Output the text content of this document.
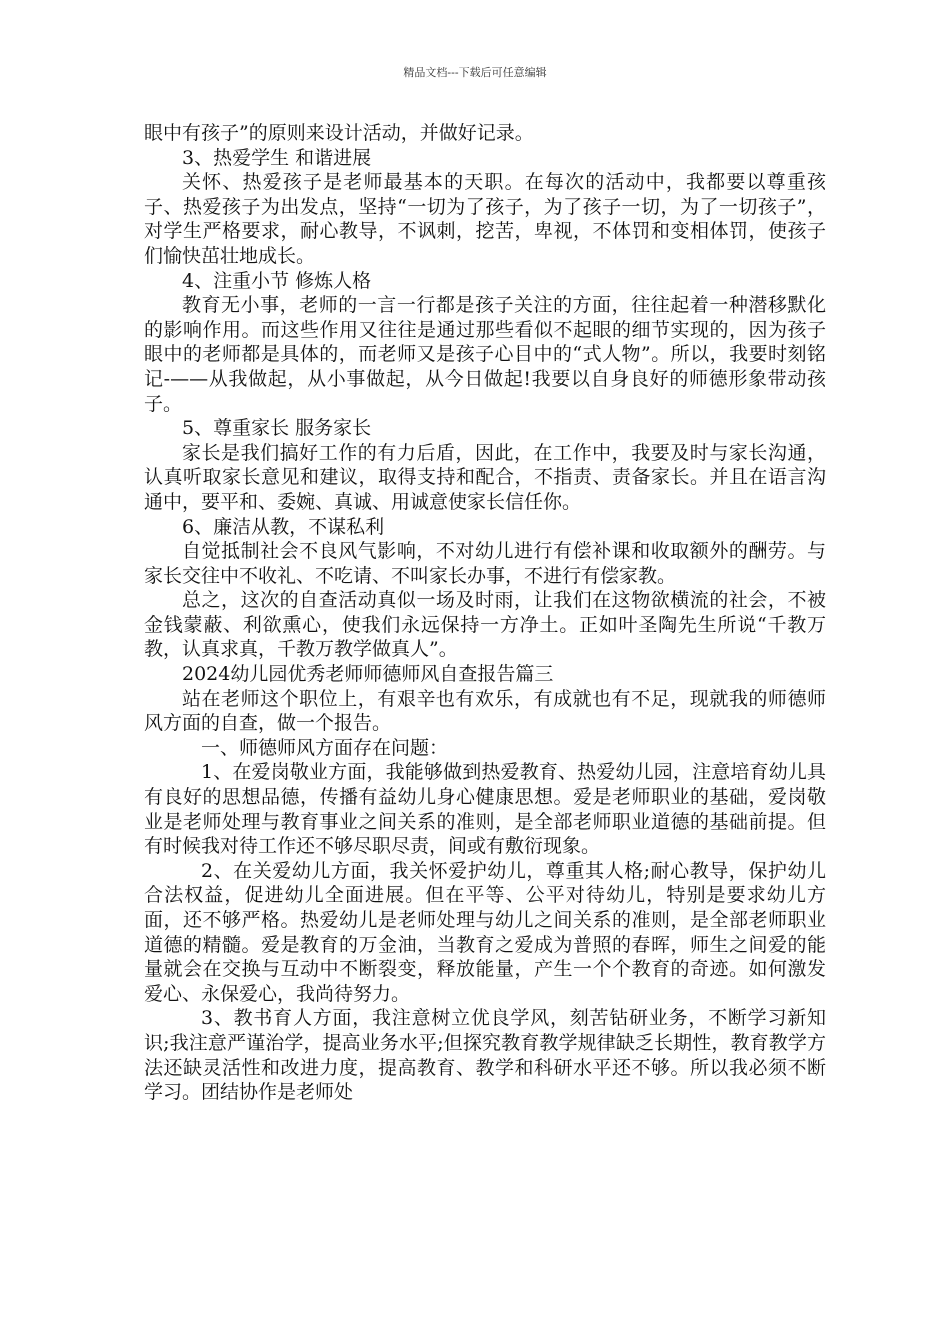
精品文档---下载后可任意编辑

眼中有孩子”的原则来设计活动，并做好记录。

3、热爱学生 和谐进展

关怀、热爱孩子是老师最基本的天职。在每次的活动中，我都要以尊重孩子、热爱孩子为出发点，坚持“一切为了孩子，为了孩子一切，为了一切孩子”，对学生严格要求，耐心教导，不讽刺，挖苦，卑视，不体罚和变相体罚，使孩子们愉快茁壮地成长。

4、注重小节 修炼人格

教育无小事，老师的一言一行都是孩子关注的方面，往往起着一种潜移默化的影响作用。而这些作用又往往是通过那些看似不起眼的细节实现的，因为孩子眼中的老师都是具体的，而老师又是孩子心目中的“式人物”。所以，我要时刻铭记-——从我做起，从小事做起，从今日做起!我要以自身良好的师德形象带动孩子。

5、尊重家长 服务家长

家长是我们搞好工作的有力后盾，因此，在工作中，我要及时与家长沟通，认真听取家长意见和建议，取得支持和配合，不指责、责备家长。并且在语言沟通中，要平和、委婉、真诚、用诚意使家长信任你。

6、廉洁从教，不谋私利

自觉抵制社会不良风气影响，不对幼儿进行有偿补课和收取额外的酬劳。与家长交往中不收礼、不吃请、不叫家长办事，不进行有偿家教。

总之，这次的自查活动真似一场及时雨，让我们在这物欲横流的社会，不被金钱蒙蔽、利欲熏心，使我们永远保持一方净土。正如叶圣陶先生所说“千教万教，认真求真，千教万教学做真人”。

2024幼儿园优秀老师师德师风自查报告篇三

站在老师这个职位上，有艰辛也有欢乐，有成就也有不足，现就我的师德师风方面的自查，做一个报告。

一、师德师风方面存在问题：

1、在爱岗敬业方面，我能够做到热爱教育、热爱幼儿园，注意培育幼儿具有良好的思想品德，传播有益幼儿身心健康思想。爱是老师职业的基础，爱岗敬业是老师处理与教育事业之间关系的准则，是全部老师职业道德的基础前提。但有时候我对待工作还不够尽职尽责，间或有敷衍现象。

2、在关爱幼儿方面，我关怀爱护幼儿，尊重其人格;耐心教导，保护幼儿合法权益，促进幼儿全面进展。但在平等、公平对待幼儿，特别是要求幼儿方面，还不够严格。热爱幼儿是老师处理与幼儿之间关系的准则，是全部老师职业道德的精髓。爱是教育的万金油，当教育之爱成为普照的春晖，师生之间爱的能量就会在交换与互动中不断裂变，释放能量，产生一个个教育的奇迹。如何激发爱心、永保爱心，我尚待努力。

3、教书育人方面，我注意树立优良学风，刻苦钻研业务，不断学习新知识;我注意严谨治学，提高业务水平;但探究教育教学规律缺乏长期性，教育教学方法还缺灵活性和改进力度，提高教育、教学和科研水平还不够。所以我必须不断学习。团结协作是老师处
